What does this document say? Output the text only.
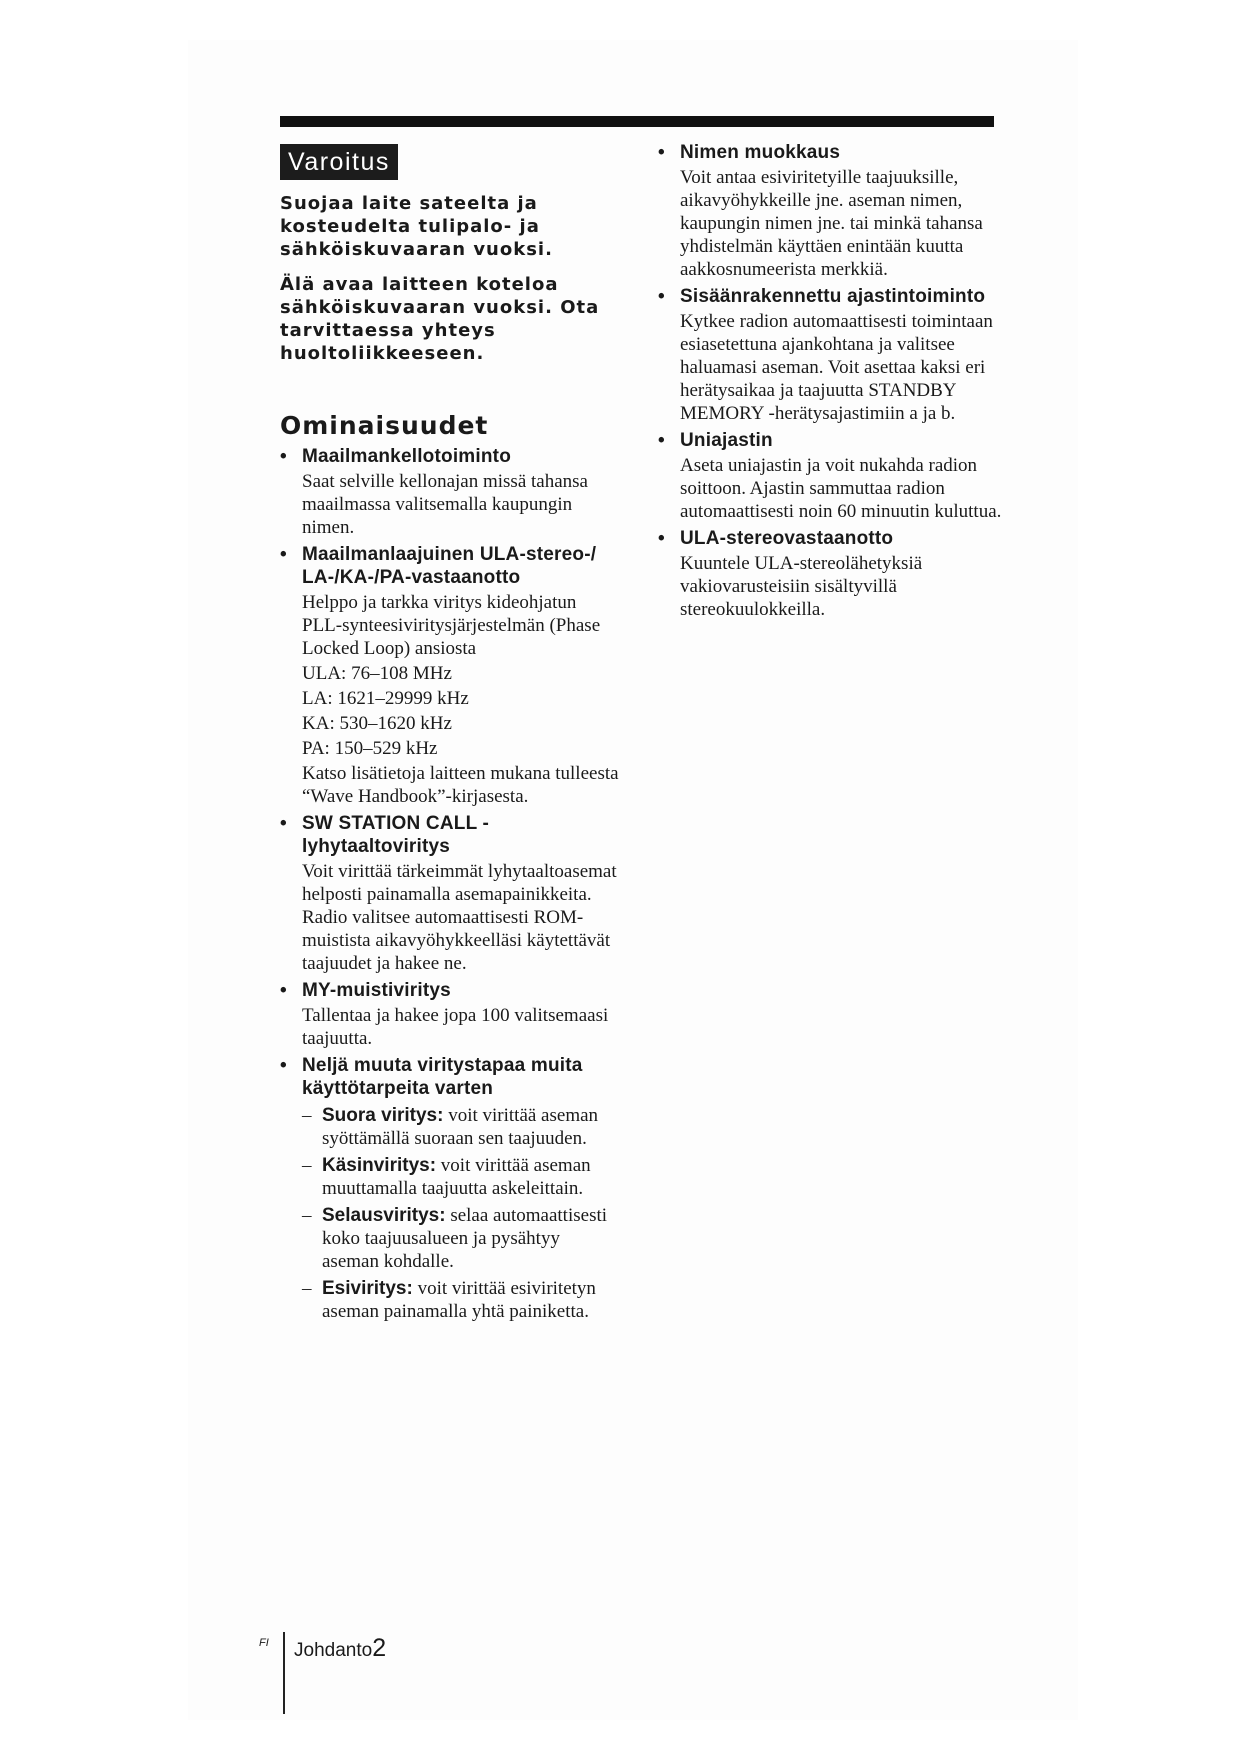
Varoitus

Suojaa laite sateelta ja kosteudelta tulipalo- ja sähköiskuvaaran vuoksi.

Älä avaa laitteen koteloa sähköiskuvaaran vuoksi. Ota tarvittaessa yhteys huoltoliikkeeseen.

Ominaisuudet
• Maailmankellotoiminto

Saat selville kellonajan missä tahansa maailmassa valitsemalla kaupungin nimen.

• Maailmanlaajuinen ULA-stereo-/ LA-/KA-/PA-vastaanotto

Helppo ja tarkka viritys kideohjatun PLL-synteesiviritysjärjestelmän (Phase Locked Loop) ansiosta

ULA: 76–108 MHz
LA: 1621–29999 kHz
KA: 530–1620 kHz
PA: 150–529 kHz

Katso lisätietoja laitteen mukana tulleesta “Wave Handbook”-kirjasesta.

• SW STATION CALL - lyhytaaltoviritys

Voit virittää tärkeimmät lyhytaaltoasemat helposti painamalla asemapainikkeita. Radio valitsee automaattisesti ROM-muistista aikavyöhykkeelläsi käytettävät taajuudet ja hakee ne.

• MY-muistiviritys

Tallentaa ja hakee jopa 100 valitsemaasi taajuutta.

• Neljä muuta viritystapaa muita käyttötarpeita varten

– Suora viritys: voit virittää aseman syöttämällä suoraan sen taajuuden.
– Käsinviritys: voit virittää aseman muuttamalla taajuutta askeleittain.
– Selausviritys: selaa automaattisesti koko taajuusalueen ja pysähtyy aseman kohdalle.
– Esiviritys: voit virittää esiviritetyn aseman painamalla yhtä painiketta.
• Nimen muokkaus

Voit antaa esiviritetyille taajuuksille, aikavyöhykkeille jne. aseman nimen, kaupungin nimen jne. tai minkä tahansa yhdistelmän käyttäen enintään kuutta aakkosnumeerista merkkiä.

• Sisäänrakennettu ajastintoiminto

Kytkee radion automaattisesti toimintaan esiasetettuna ajankohtana ja valitsee haluamasi aseman. Voit asettaa kaksi eri herätysaikaa ja taajuutta STANDBY MEMORY -herätysajastimiin a ja b.

• Uniajastin

Aseta uniajastin ja voit nukahda radion soittoon. Ajastin sammuttaa radion automaattisesti noin 60 minuutin kuluttua.

• ULA-stereovastaanotto

Kuuntele ULA-stereolähetyksiä vakiovarusteisiin sisältyvillä stereokuulokkeilla.

FI Johdanto2
